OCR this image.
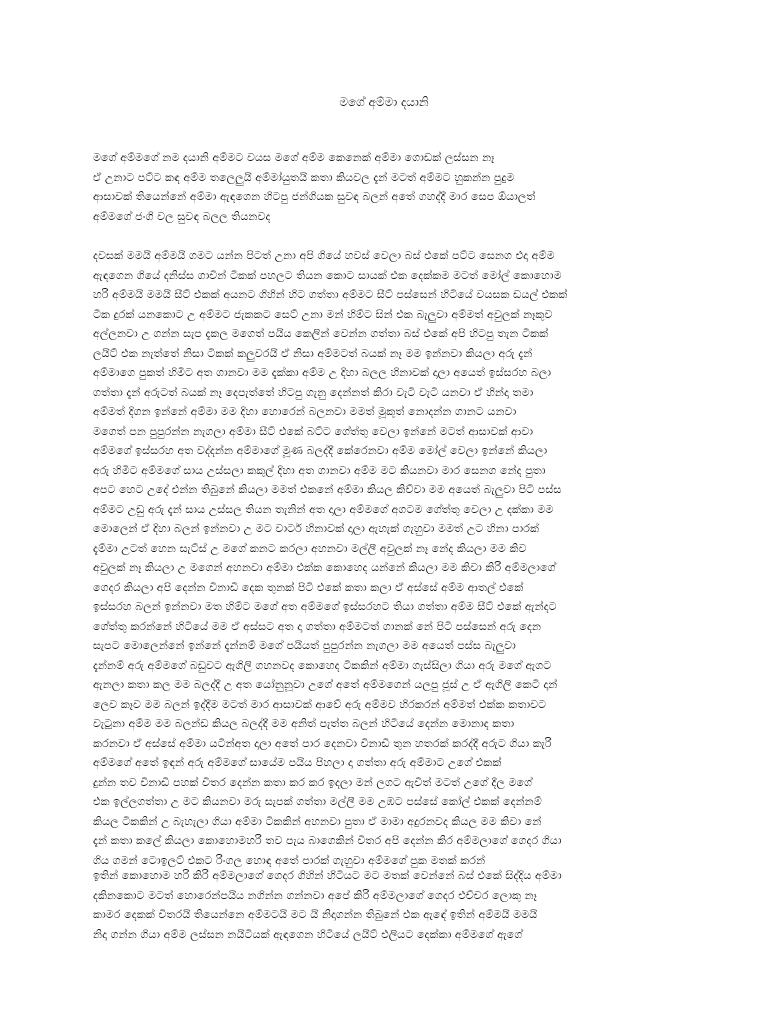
මගේ අම්මා දයානි
මගේ අම්මගේ නම දයානි අම්මට වයස මගේ අම්ම කෙනෙක් අම්මා ගොඩක් ලස්සන නෑ
ඒ උනාට පට්ට කඳ අම්ම තලෙලුයි අම්මා්යුතයි කතා කියවල දැන් මටත් අම්මට හුකන්න පුදුම
ආසාවක් තියෙන්නේ අම්මා ඇඳගෙන හිටපු ජන්ගියක සුවඳ බලන් අතේ ගහද්දී මාර සෙප ඕයාලත්
අම්මගේ ජංගි වල සුවඳ බලල තියනවද
දවසක් මමයි අම්මයි ගමට යන්න පිටත් උනා අපි ගියේ හවස් වෙලා බස් එකේ පට්ට සෙනග එදා අම්ම
ඇඳගෙන ගියේ දනිස්ස ගාවින් ටිකක් පහලට තියන කොට සායක් එක දෙක්කම මටත් මෝල් කොහොම
හරි අම්මයි මමයි සීට් එකක් අයනට ගිහින් හිට ගත්තා අම්මට සීට් පස්සෙන් හිටියේ වයසක ඩයල් එකක්
ටික දුරක් යනකොට උ අම්මට ජැකකට සෙට් උනා මන් හිම්ට සින් එක බැලුවා අම්මත් අවුලක් නෑකුව
අල්ලනවා උ ගන්න සැප දැකල මගෙත් පයිය කෙලින් වෙන්න ගත්තා බස් එකේ අපි හිටපු තැන ටිකක්
ලයිට් එක නැත්තේ නිසා ටිකක් කලුවරයි ඒ නිසා අම්මටත් බයක් නෑ මම ඉන්නවා කියලා අරු දැන්
අම්මාගෙ පුකත් හිමිට අත ගානවා මම දැක්කා අම්ම උ දිහා බලල හිනාවක් දාලා අයෙත් ඉස්සරහ බලා
ගත්තා දැන් අරුටත් බයක් නෑ දෙපැත්තේ හිටපු ගැනු දෙන්නත් කිරා වැටී වැටී යනවා ඒ හින්දා තමා
අම්මත් දිගන ඉන්නේ අම්මා මම දිහා හොරෙන් බලනවා මමත් මූකුත් නොදන්න ගානට යනවා
මගෙත් පන පුපුරන්න නැගලා අම්මා සීට් එකේ බට්ට ගේත්තු වෙලා ඉන්නේ මටත් ආසාවක් ආවා
අම්මගේ ඉස්සරහ අත වද්දන්න අම්මාගේ මූණ බලද්දී කේරෙනවා අම්ම මෝල් වෙලා ඉන්නේ කියලා
අරු හිමිට අම්මගේ සාය උස්සලා කකුල් දිහා අත ගානවා අම්ම මට කියනවා මාර සෙනග නේද පුතා
අපට හෙට උදේ එන්න තිබුනේ කියලා මමත් එකනේ අම්මා කියල කිව්වා මම අයෙත් බැලුවා පිටි පස්ස
අම්මට උඩු අරු දැන් සාය උස්සල තියන තැනින් අත දාලා අම්මගේ අගටම ගේත්තු වෙලා උ දක්කා මම
මොලෙන් ඒ දිහා බලන් ඉන්නවා උ මට වාටර් හිනාවක් දාලා ඇහැක් ගැහුවා මමත් උට හිනා පාරක්
දැම්මා උටත් හෙන සැට්ස් උ මගේ කනට කරලා අහනවා මල්ලී අවුලක් නෑ නේද කියලා මම කිව
අවුලක් නෑ කියලා උ මගෙන් අහනවා අම්මා එක්ක කොහෙද යන්නේ කියලා මම කිවා කිරි අම්මලාගේ
ගෙදර කියලා අපි දෙන්න විනාඩි දෙක තුනක් පිටි එකේ කතා කලා ඒ අස්සේ අම්ම ආතල් එකේ
ඉස්සරහ බලන් ඉන්නවා මත හිම්ට මගේ අත අම්මගේ ඉස්සරහට තියා ගත්තා අම්ම සීට් එකේ ඇන්දට
ගේත්තු කරන්නේ හිටියේ මම ඒ අස්සට අත දා ගත්තා අම්මටත් ගානක් නේ පිටි පස්සෙන් අරු දෙන
සැපට මොලෙන්නේ ඉන්නේ දැන්නම් මගේ පයියත් පුපුරන්න නැගලා මම අයෙත් පස්ස බැලුවා
දැන්නම් අරු අම්මගේ බඩුවට ඇගිලි ගහනවද කොහෙද ටිකකින් අම්මා ගැස්සිලා ගියා අරු මගේ ඇගට
ඇනලා කතා කල මම බලද්දී උ අත යෝනුනූවා උගේ අතේ අම්මගෙන් යලපු ජූස් උ ඒ ඇගිලි කෙටි දාන්
ලෙව කෑව මම බලන් ඉද්දීම මටත් මාර ආසාවක් ආවේ අරු අම්මව හිරකරන් අම්මත් එක්ක කතාවට
වැටුනා අම්ම මම බලන්ඩ කියල බලද්දී මම අනිත් පැත්ත බලන් හිටියේ දෙන්න මොනාද කතා
කරනවා ඒ අස්සේ අම්මා යටින්අත දාලා අතේ පාර දෙනවා විනාඩි තුන හතරක් කරද්දී අරුට ගියා කැරි
අම්මගේ අතේ ඉඳන් අරු අම්මගේ සායේම පයිය පිහලා දා ගත්තා අරු අම්මාට උගේ එකක්
දුන්න තව විනාඩි පහක් විතර දෙන්න කතා කර කර ඉදලා මන් ලගට ඇවිත් මටත් උගේ දීල මගේ
එක ඉල්ලගත්තා උ මට කියනවා මරු සැපක් ගත්තා මල්ලී මම උඹට පස්සේ කෝල් එකක් දෙන්නම්
කියල ටිකකින් උ බැහැලා ගියා අම්මා ටිකකින් අහනවා පුතා ඒ මාමා අදුරනවද කියල මම කිවා නේ
දැන් කතා කලේ කියලා කොහොමහරි තව පැය බාගෙකින් විතර අපි දෙන්න කිර අම්මලාගේ ගෙදර ගියා
ගිය ගමන් ටොඉලට් එකට රිංගල හොඳ අතේ පාරක් ගැහුවා අම්මගේ පුක මතක් කරන්
ඉතින් කොහොම හරි කිරි අම්මලාගේ ගෙදර ගිහින් හිටියට මට මතක් වෙන්නේ බස් එකේ සිද්දිය අම්මා
දකිනකොට මටත් හොරෙන්පයිය නගින්න ගන්නවා අපේ කිරි අම්මලාගේ ගෙදර එච්චර ලොකු නෑ
කාමර දෙකක් විතරයි තියෙන්නෙ අම්මටයි මට යි නිදාගන්න තිබුනේ එක ඇඳේ ඉතින් අම්මයි මමයි
නිදා ගන්න ගියා අම්ම ලස්සන නයිටියක් ඇඳගෙන හිටියේ ලයිට් එලියට දෙක්කා අම්මගේ ඇගේ
